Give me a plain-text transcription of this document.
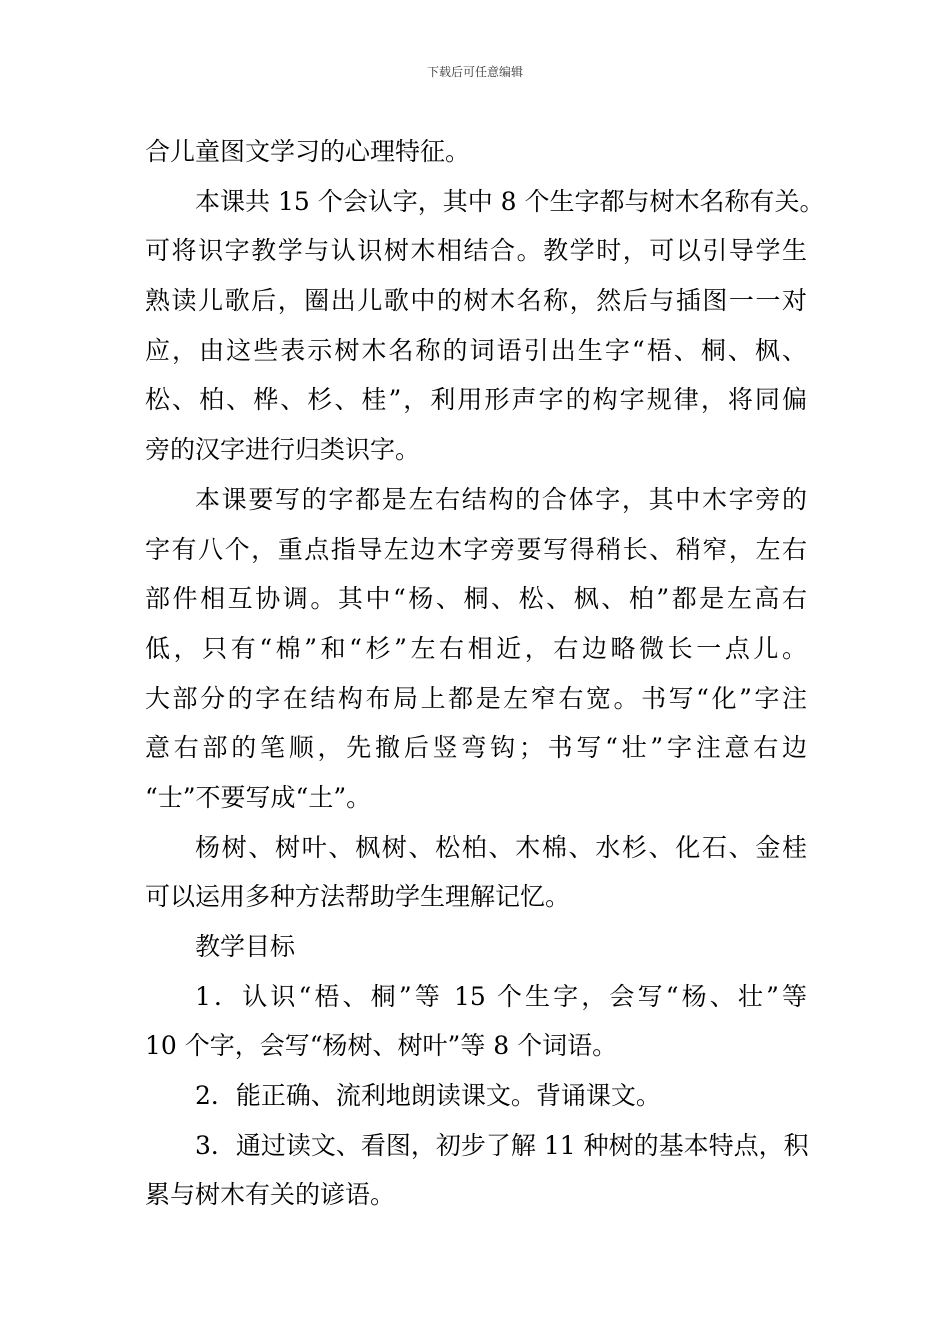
下载后可任意编辑
合儿童图文学习的心理特征。
本课共 15 个会认字，其中 8 个生字都与树木名称有关。
可将识字教学与认识树木相结合。教学时，可以引导学生
熟读儿歌后，圈出儿歌中的树木名称，然后与插图一一对
应，由这些表示树木名称的词语引出生字“梧、桐、枫、
松、柏、桦、杉、桂”，利用形声字的构字规律，将同偏
旁的汉字进行归类识字。
本课要写的字都是左右结构的合体字，其中木字旁的
字有八个，重点指导左边木字旁要写得稍长、稍窄，左右
部件相互协调。其中“杨、桐、松、枫、柏”都是左高右
低，只有“棉”和“杉”左右相近，右边略微长一点儿。
大部分的字在结构布局上都是左窄右宽。书写“化”字注
意右部的笔顺，先撤后竖弯钩；书写“壮”字注意右边
“士”不要写成“土”。
杨树、树叶、枫树、松柏、木棉、水杉、化石、金桂
可以运用多种方法帮助学生理解记忆。
教学目标
1．认识“梧、桐”等 15 个生字，会写“杨、壮”等
10 个字，会写“杨树、树叶”等 8 个词语。
2．能正确、流利地朗读课文。背诵课文。
3．通过读文、看图，初步了解 11 种树的基本特点，积
累与树木有关的谚语。
